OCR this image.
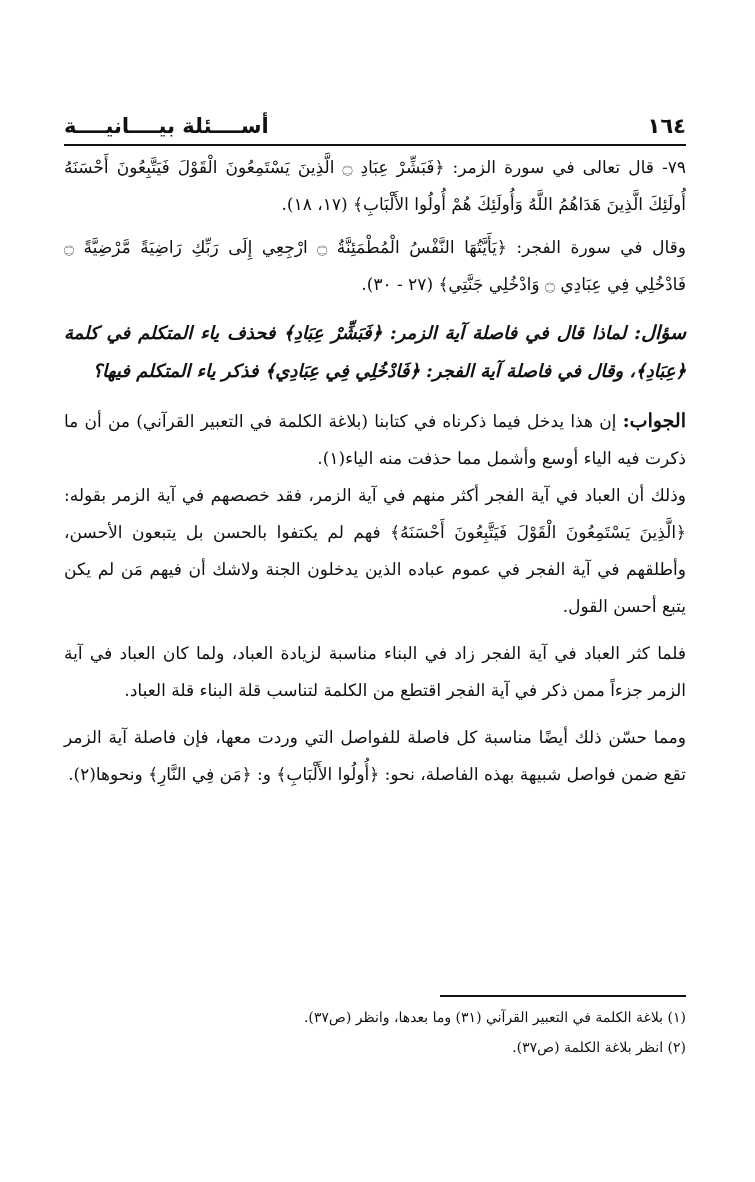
١٦٤
أســــئلة بيــــانيــــة

٧٩- قال تعالى في سورة الزمر: ﴿فَبَشِّرْ عِبَادِ ۝ الَّذِينَ يَسْتَمِعُونَ الْقَوْلَ فَيَتَّبِعُونَ أَحْسَنَهُ أُولَئِكَ الَّذِينَ هَدَاهُمُ اللَّهُ وَأُولَئِكَ هُمْ أُولُوا الأَلْبَابِ﴾ (١٧، ١٨).

وقال في سورة الفجر: ﴿يَأَيَّتُهَا النَّفْسُ الْمُطْمَئِنَّةُ ۝ ارْجِعِي إِلَى رَبِّكِ رَاضِيَةً مَّرْضِيَّةً ۝ فَادْخُلِي فِي عِبَادِي ۝ وَادْخُلِي جَنَّتِي﴾ (٢٧ - ٣٠).

سؤال: لماذا قال في فاصلة آية الزمر: ﴿فَبَشِّرْ عِبَادِ﴾ فحذف ياء المتكلم في كلمة ﴿عِبَادِ﴾، وقال في فاصلة آية الفجر: ﴿فَادْخُلِي فِي عِبَادِي﴾ فذكر ياء المتكلم فيها؟

الجواب: إن هذا يدخل فيما ذكرناه في كتابنا (بلاغة الكلمة في التعبير القرآني) من أن ما ذكرت فيه الياء أوسع وأشمل مما حذفت منه الياء(١).

وذلك أن العباد في آية الفجر أكثر منهم في آية الزمر، فقد خصصهم في آية الزمر بقوله: ﴿الَّذِينَ يَسْتَمِعُونَ الْقَوْلَ فَيَتَّبِعُونَ أَحْسَنَهُ﴾ فهم لم يكتفوا بالحسن بل يتبعون الأحسن، وأطلقهم في آية الفجر في عموم عباده الذين يدخلون الجنة ولاشك أن فيهم مَن لم يكن يتبع أحسن القول.

فلما كثر العباد في آية الفجر زاد في البناء مناسبة لزيادة العباد، ولما كان العباد في آية الزمر جزءاً ممن ذكر في آية الفجر اقتطع من الكلمة لتناسب قلة البناء قلة العباد.

ومما حسّن ذلك أيضًا مناسبة كل فاصلة للفواصل التي وردت معها، فإن فاصلة آية الزمر تقع ضمن فواصل شبيهة بهذه الفاصلة، نحو: ﴿أُولُوا الأَلْبَابِ﴾ و: ﴿مَن فِي النَّارِ﴾ ونحوها(٢).

(١) بلاغة الكلمة في التعبير القرآني (٣١) وما بعدها، وانظر (ص٣٧).
(٢) انظر بلاغة الكلمة (ص٣٧).
